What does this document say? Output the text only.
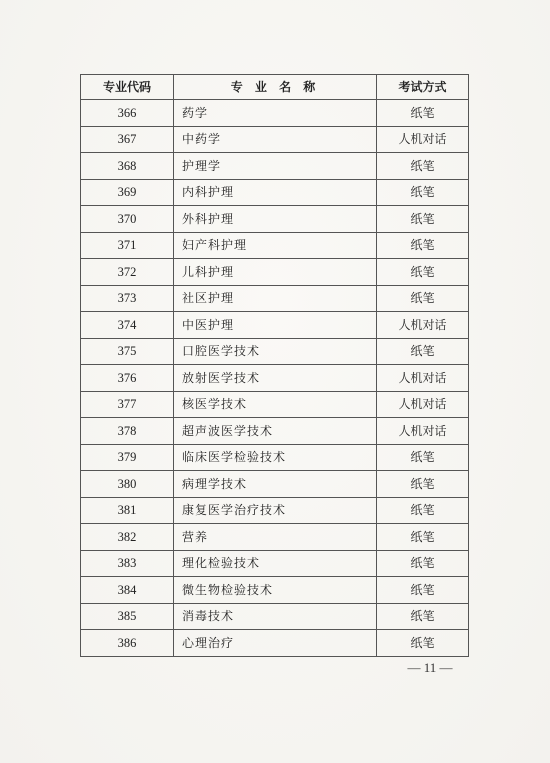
专业代码	专 业 名 称	考试方式
366	药学	纸笔
367	中药学	人机对话
368	护理学	纸笔
369	内科护理	纸笔
370	外科护理	纸笔
371	妇产科护理	纸笔
372	儿科护理	纸笔
373	社区护理	纸笔
374	中医护理	人机对话
375	口腔医学技术	纸笔
376	放射医学技术	人机对话
377	核医学技术	人机对话
378	超声波医学技术	人机对话
379	临床医学检验技术	纸笔
380	病理学技术	纸笔
381	康复医学治疗技术	纸笔
382	营养	纸笔
383	理化检验技术	纸笔
384	微生物检验技术	纸笔
385	消毒技术	纸笔
386	心理治疗	纸笔
— 11 —
